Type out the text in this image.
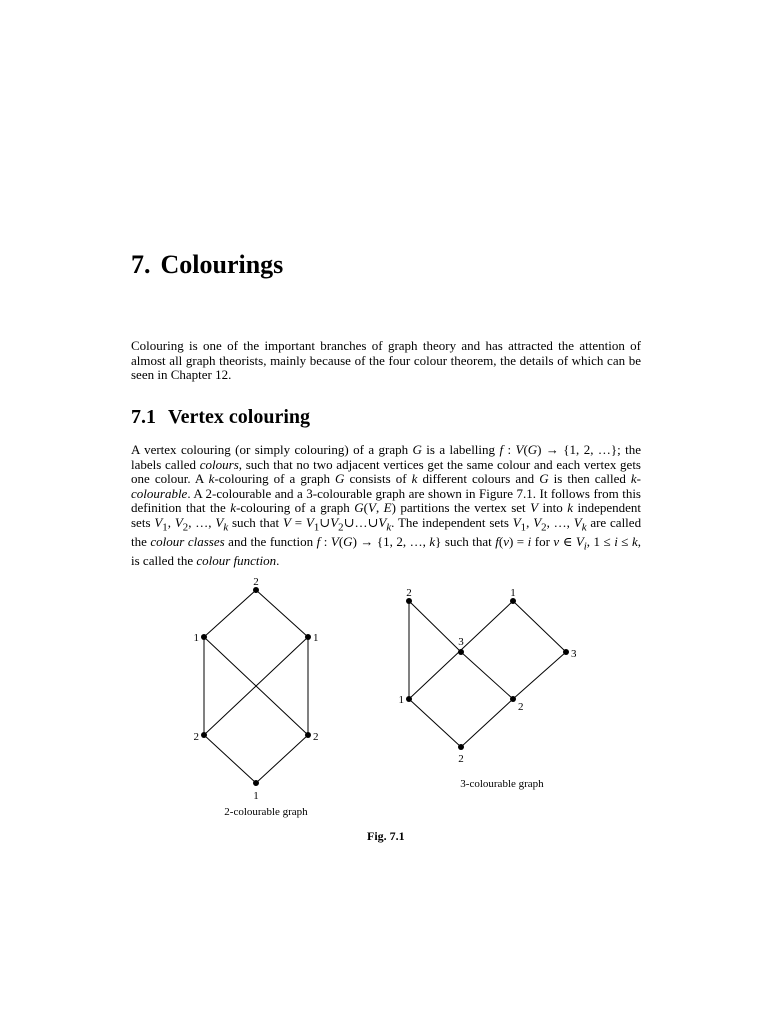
7. Colourings

Colouring is one of the important branches of graph theory and has attracted the attention of almost all graph theorists, mainly because of the four colour theorem, the details of which can be seen in Chapter 12.

7.1 Vertex colouring

A vertex colouring (or simply colouring) of a graph G is a labelling f : V(G) → {1, 2, …}; the labels called colours, such that no two adjacent vertices get the same colour and each vertex gets one colour. A k-colouring of a graph G consists of k different colours and G is then called k-colourable. A 2-colourable and a 3-colourable graph are shown in Figure 7.1. It follows from this definition that the k-colouring of a graph G(V, E) partitions the vertex set V into k independent sets $V_1$, $V_2$, …, $V_k$ such that $V = V_1\cup V_2\cup\dots\cup V_k$. The independent sets $V_1$, $V_2$, …, $V_k$ are called the colour classes and the function f : V(G) → {1, 2, …, k} such that f(v) = i for v ∈ $V_i$, 1 ≤ i ≤ k, is called the colour function.

2
1	1
2	2
1
2-colourable graph
2	1
3
3
1
2
2
3-colourable graph

Fig. 7.1
